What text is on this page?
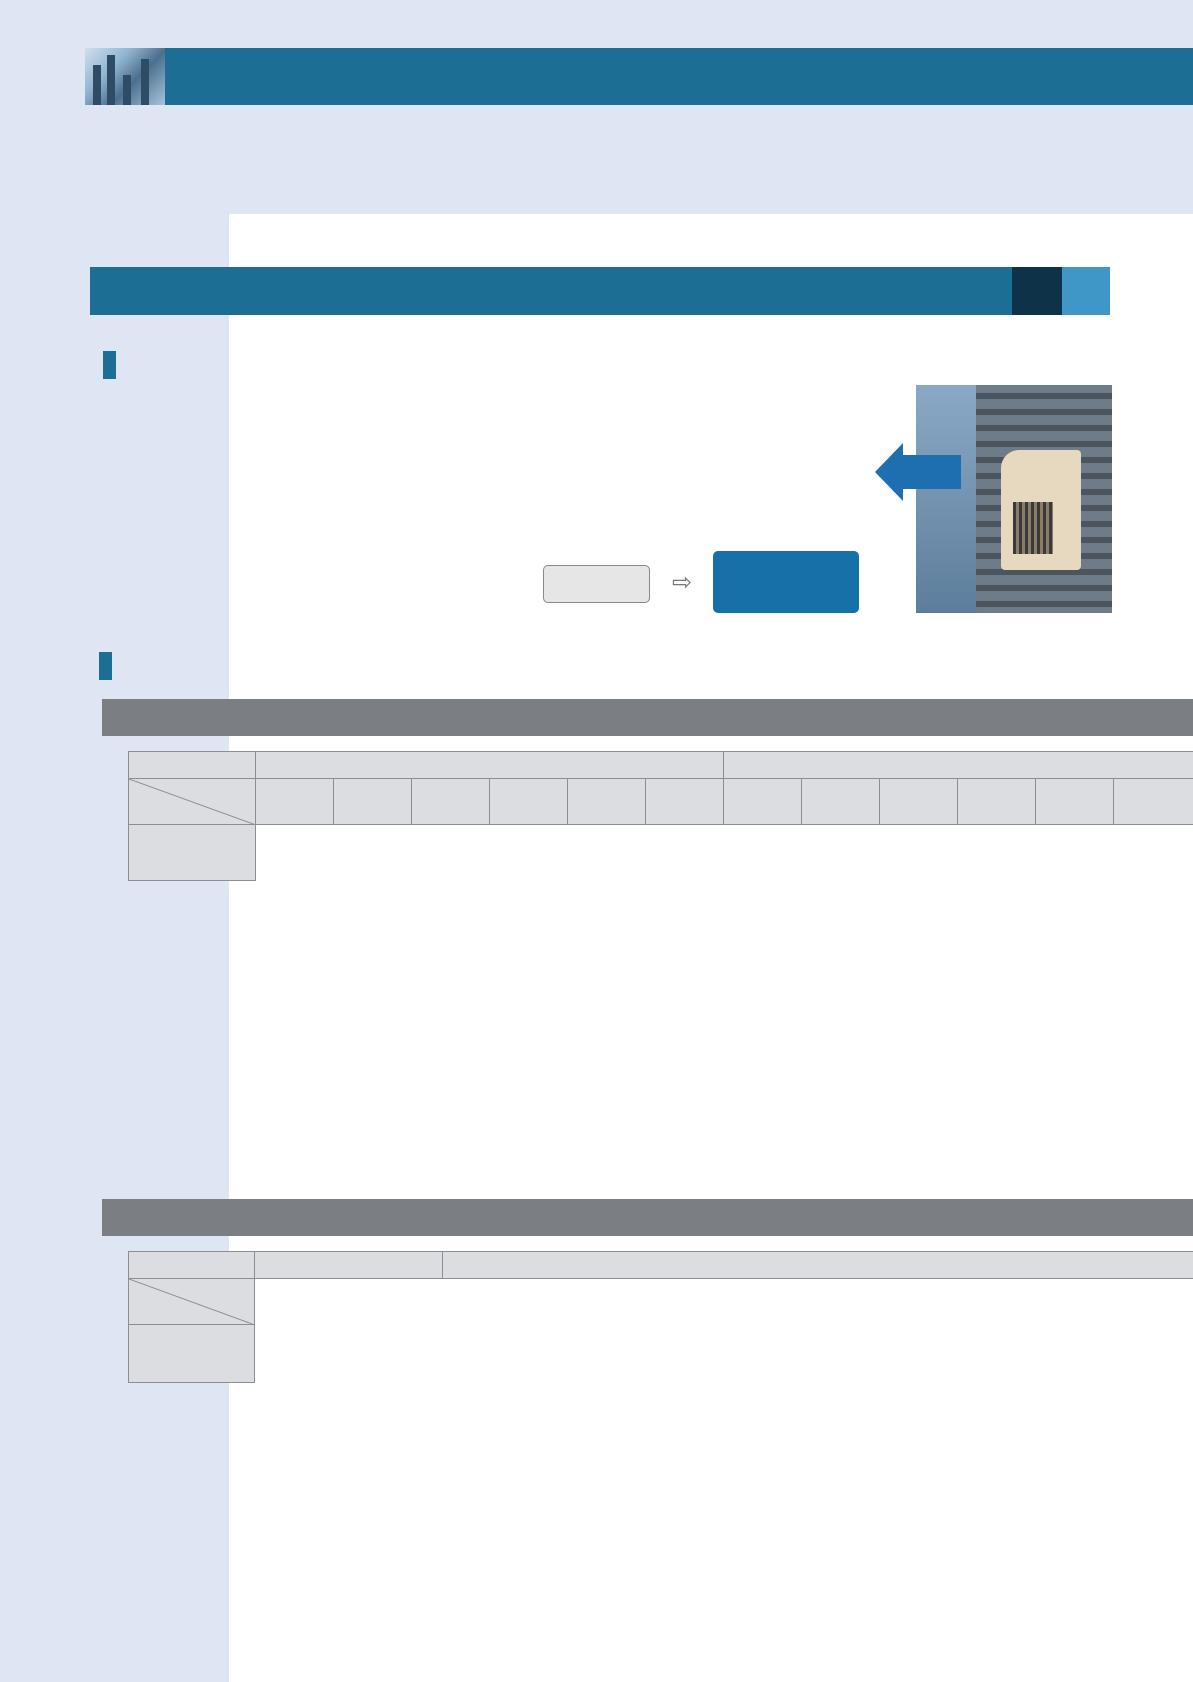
⇨
